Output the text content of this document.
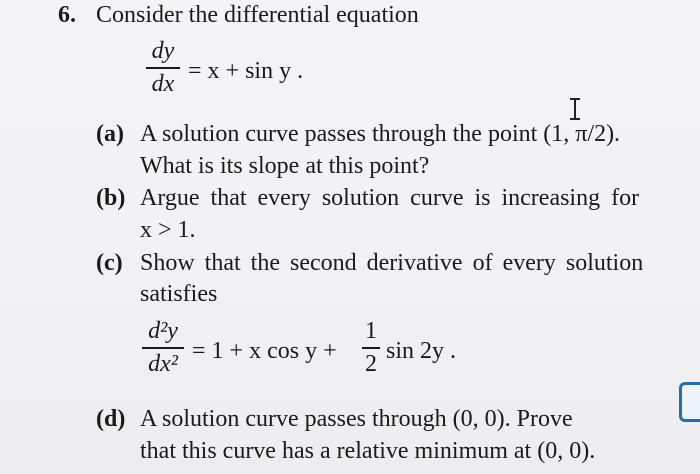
6. Consider the differential equation
dy
dx = x + sin y .
(a) A solution curve passes through the point (1, π/2).
What is its slope at this point?
(b) Argue that every solution curve is increasing for
x > 1.
(c) Show that the second derivative of every solution
satisfies
d²y
dx² = 1 + x cos y +
1
2 sin 2y .
(d) A solution curve passes through (0, 0). Prove
that this curve has a relative minimum at (0, 0).
